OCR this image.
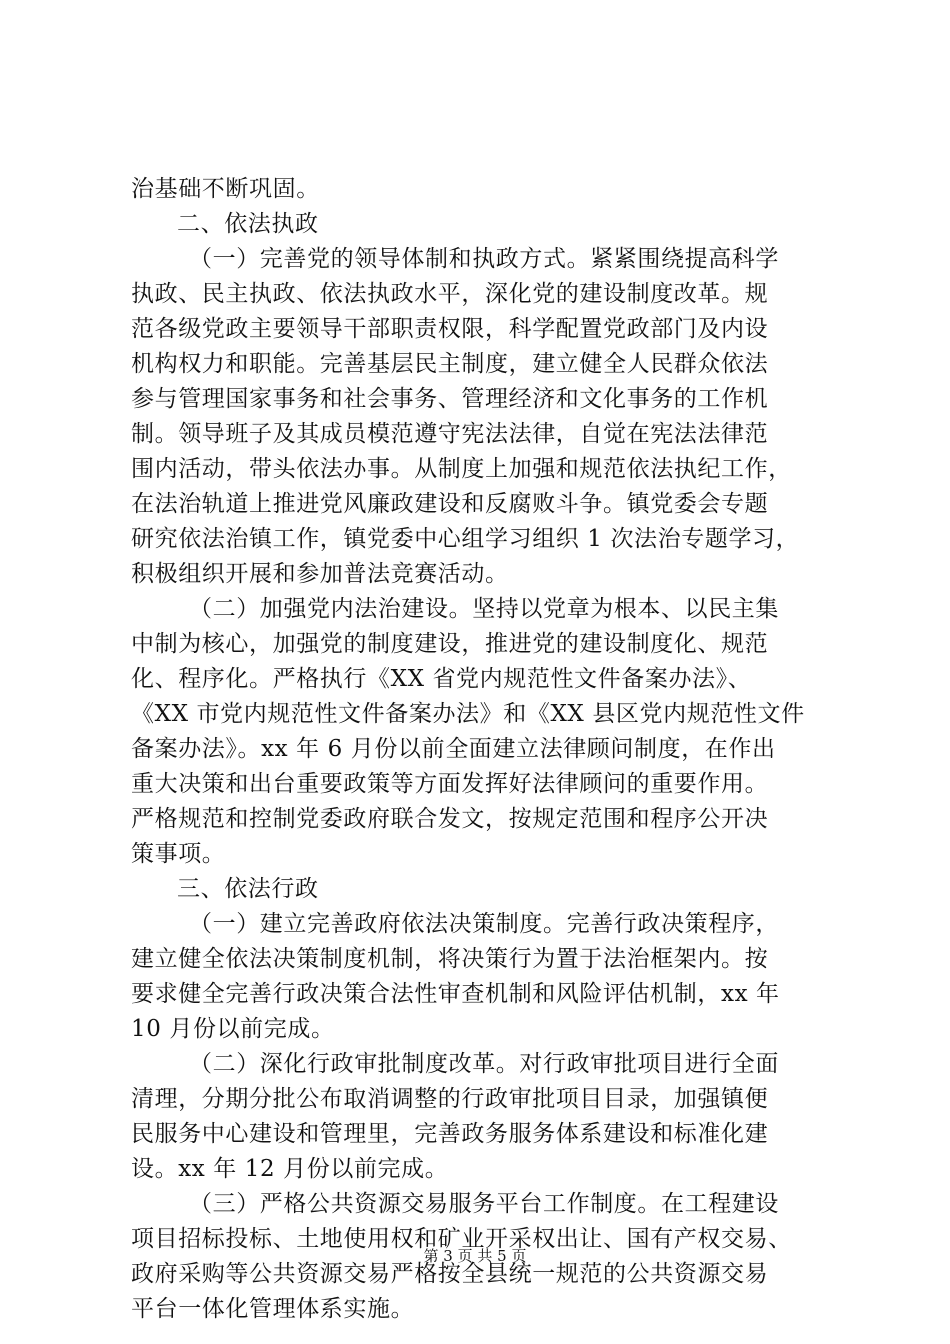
治基础不断巩固。
二、依法执政
（一）完善党的领导体制和执政方式。紧紧围绕提高科学
执政、民主执政、依法执政水平，深化党的建设制度改革。规
范各级党政主要领导干部职责权限，科学配置党政部门及内设
机构权力和职能。完善基层民主制度，建立健全人民群众依法
参与管理国家事务和社会事务、管理经济和文化事务的工作机
制。领导班子及其成员模范遵守宪法法律，自觉在宪法法律范
围内活动，带头依法办事。从制度上加强和规范依法执纪工作，
在法治轨道上推进党风廉政建设和反腐败斗争。镇党委会专题
研究依法治镇工作，镇党委中心组学习组织 1 次法治专题学习，
积极组织开展和参加普法竞赛活动。
（二）加强党内法治建设。坚持以党章为根本、以民主集
中制为核心，加强党的制度建设，推进党的建设制度化、规范
化、程序化。严格执行《XX 省党内规范性文件备案办法》、
《XX 市党内规范性文件备案办法》和《XX 县区党内规范性文件
备案办法》。xx 年 6 月份以前全面建立法律顾问制度，在作出
重大决策和出台重要政策等方面发挥好法律顾问的重要作用。
严格规范和控制党委政府联合发文，按规定范围和程序公开决
策事项。
三、依法行政
（一）建立完善政府依法决策制度。完善行政决策程序，
建立健全依法决策制度机制，将决策行为置于法治框架内。按
要求健全完善行政决策合法性审查机制和风险评估机制，xx 年
10 月份以前完成。
（二）深化行政审批制度改革。对行政审批项目进行全面
清理，分期分批公布取消调整的行政审批项目目录，加强镇便
民服务中心建设和管理里，完善政务服务体系建设和标准化建
设。xx 年 12 月份以前完成。
（三）严格公共资源交易服务平台工作制度。在工程建设
项目招标投标、土地使用权和矿业开采权出让、国有产权交易、
政府采购等公共资源交易严格按全县统一规范的公共资源交易
平台一体化管理体系实施。
第 3 页 共 5 页
